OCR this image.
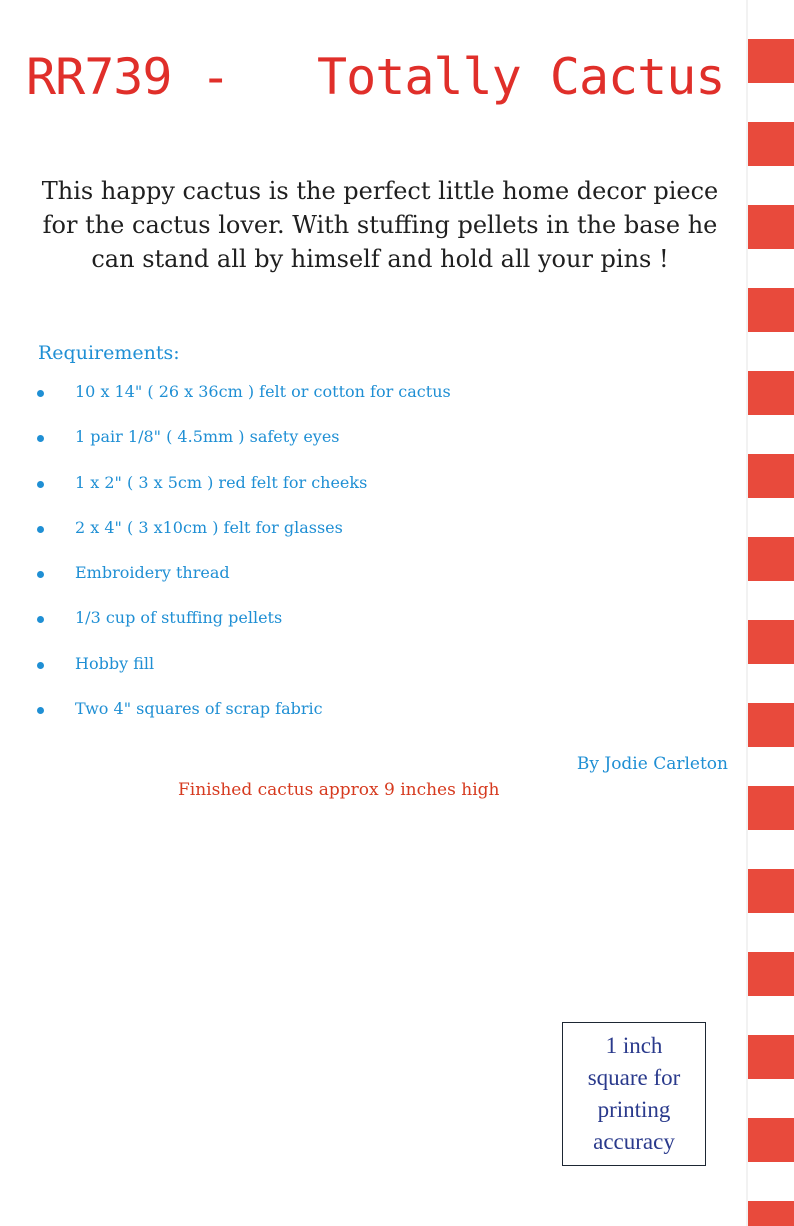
RR739 -   Totally Cactus
This happy cactus is the perfect little home decor piece for the cactus lover. With stuffing pellets in the base he can stand all by himself and hold all your pins !
Requirements:
10 x 14" ( 26 x 36cm ) felt or cotton for cactus
1 pair 1/8" ( 4.5mm ) safety eyes
1 x 2" ( 3 x 5cm ) red felt for cheeks
2 x 4" ( 3 x10cm ) felt for glasses
Embroidery thread
1/3 cup of stuffing pellets
Hobby fill
Two 4" squares of scrap fabric
By Jodie Carleton
Finished cactus approx 9 inches high
1 inch
square for
printing
accuracy
